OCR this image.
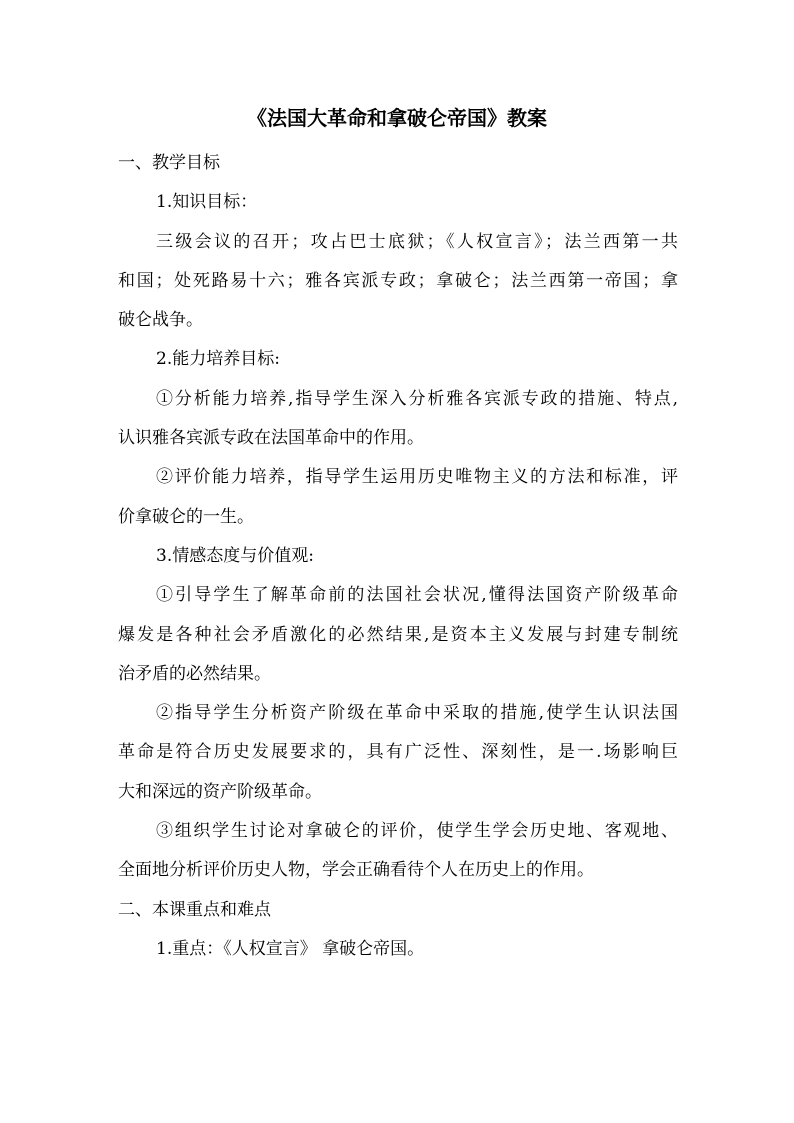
《法国大革命和拿破仑帝国》教案
一、教学目标
1.知识目标：
三级会议的召开；攻占巴士底狱；《人权宣言》；法兰西第一共
和国；处死路易十六；雅各宾派专政；拿破仑；法兰西第一帝国；拿
破仑战争。
2.能力培养目标:
①分析能力培养,指导学生深入分析雅各宾派专政的措施、特点,
认识雅各宾派专政在法国革命中的作用。
②评价能力培养，指导学生运用历史唯物主义的方法和标准，评
价拿破仑的一生。
3.情感态度与价值观:
①引导学生了解革命前的法国社会状况,懂得法国资产阶级革命
爆发是各种社会矛盾激化的必然结果,是资本主义发展与封建专制统
治矛盾的必然结果。
②指导学生分析资产阶级在革命中采取的措施,使学生认识法国
革命是符合历史发展要求的，具有广泛性、深刻性，是一.场影响巨
大和深远的资产阶级革命。
③组织学生讨论对拿破仑的评价，使学生学会历史地、客观地、
全面地分析评价历史人物，学会正确看待个人在历史上的作用。
二、本课重点和难点
1.重点：《人权宣言》 拿破仑帝国。
